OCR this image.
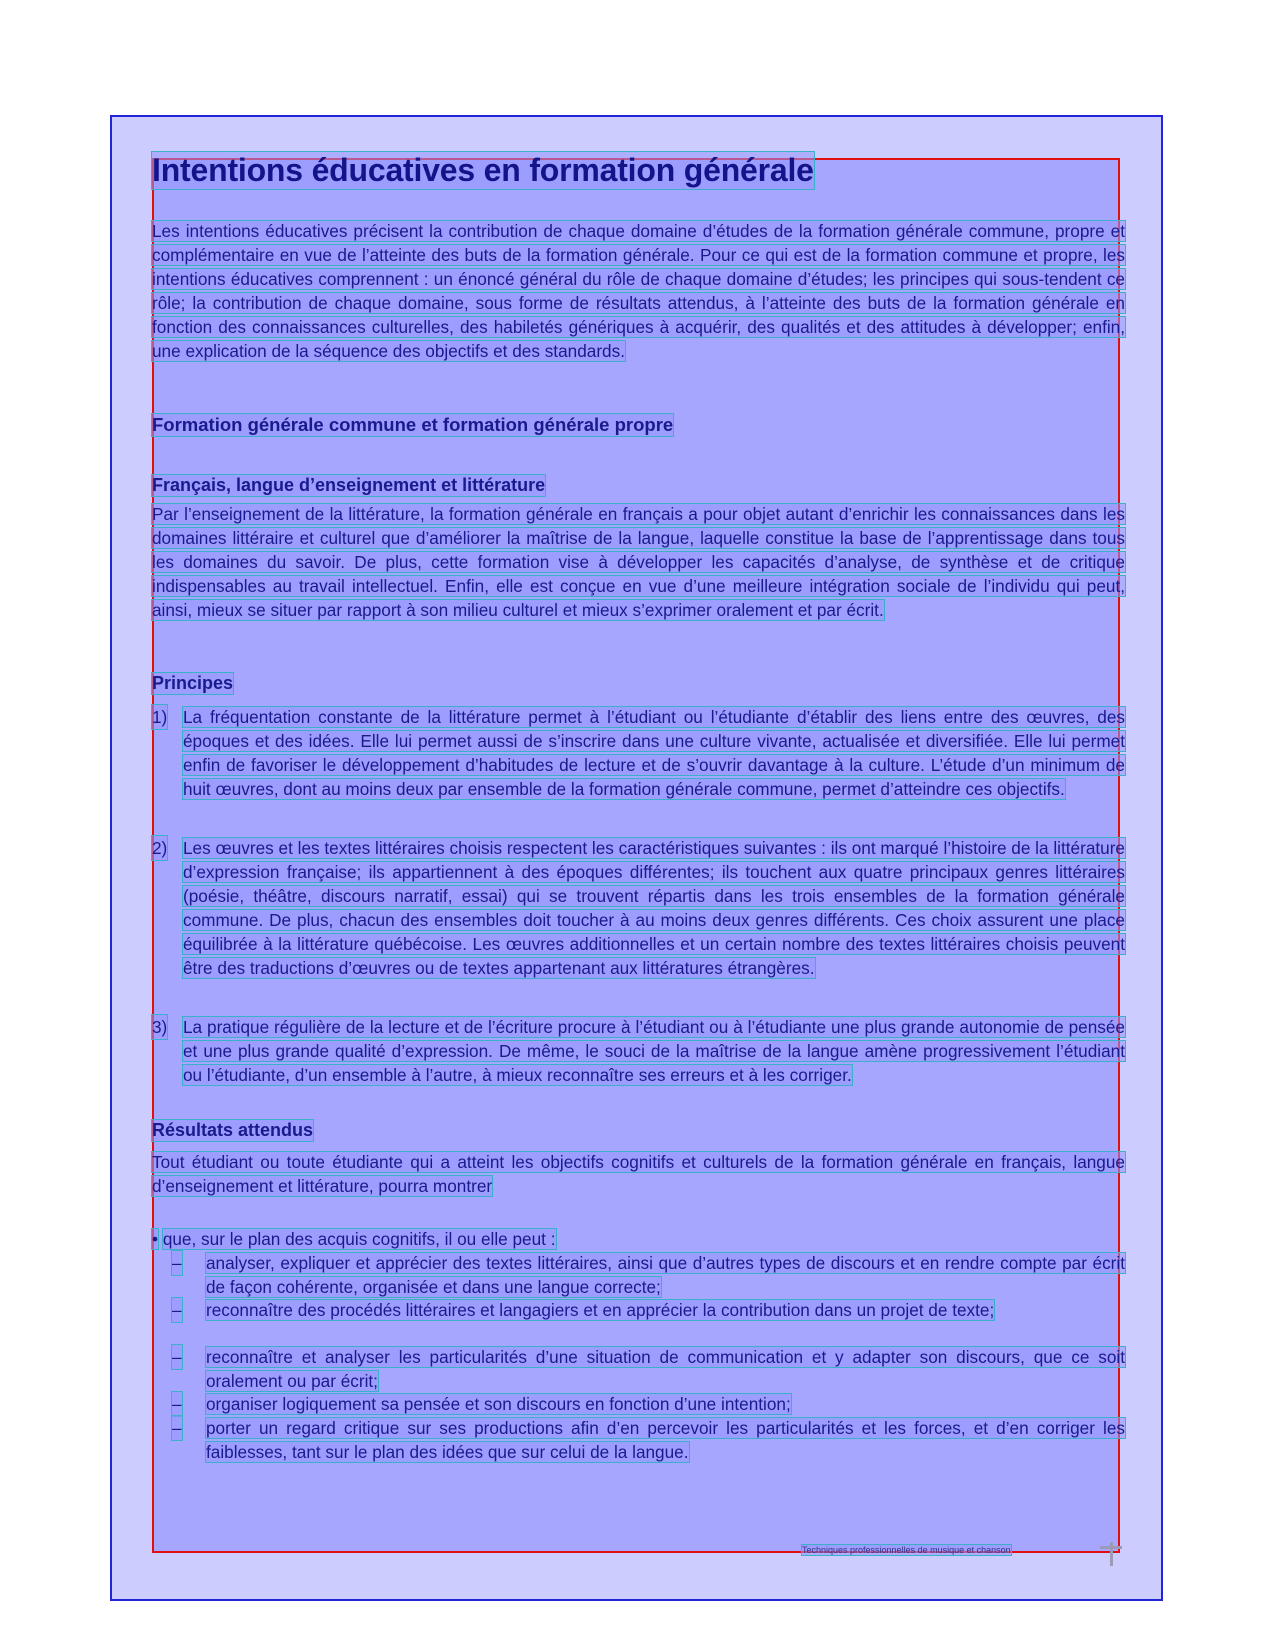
Intentions éducatives en formation générale

Les intentions éducatives précisent la contribution de chaque domaine d’études de la formation générale commune, propre et complémentaire en vue de l’atteinte des buts de la formation générale. Pour ce qui est de la formation commune et propre, les intentions éducatives comprennent : un énoncé général du rôle de chaque domaine d’études; les principes qui sous-tendent ce rôle; la contribution de chaque domaine, sous forme de résultats attendus, à l’atteinte des buts de la formation générale en fonction des connaissances culturelles, des habiletés génériques à acquérir, des qualités et des attitudes à développer; enfin, une explication de la séquence des objectifs et des standards.

Formation générale commune et formation générale propre
Français, langue d’enseignement et littérature

Par l’enseignement de la littérature, la formation générale en français a pour objet autant d’enrichir les connaissances dans les domaines littéraire et culturel que d’améliorer la maîtrise de la langue, laquelle constitue la base de l’apprentissage dans tous les domaines du savoir. De plus, cette formation vise à développer les capacités d’analyse, de synthèse et de critique indispensables au travail intellectuel. Enfin, elle est conçue en vue d’une meilleure intégration sociale de l’individu qui peut, ainsi, mieux se situer par rapport à son milieu culturel et mieux s’exprimer oralement et par écrit.

Principes
1) La fréquentation constante de la littérature permet à l’étudiant ou l’étudiante d’établir des liens entre des œuvres, des époques et des idées. Elle lui permet aussi de s’inscrire dans une culture vivante, actualisée et diversifiée. Elle lui permet enfin de favoriser le développement d’habitudes de lecture et de s’ouvrir davantage à la culture. L’étude d’un minimum de huit œuvres, dont au moins deux par ensemble de la formation générale commune, permet d’atteindre ces objectifs.
2) Les œuvres et les textes littéraires choisis respectent les caractéristiques suivantes : ils ont marqué l’histoire de la littérature d’expression française; ils appartiennent à des époques différentes; ils touchent aux quatre principaux genres littéraires (poésie, théâtre, discours narratif, essai) qui se trouvent répartis dans les trois ensembles de la formation générale commune. De plus, chacun des ensembles doit toucher à au moins deux genres différents. Ces choix assurent une place équilibrée à la littérature québécoise. Les œuvres additionnelles et un certain nombre des textes littéraires choisis peuvent être des traductions d’œuvres ou de textes appartenant aux littératures étrangères.
3) La pratique régulière de la lecture et de l’écriture procure à l’étudiant ou à l’étudiante une plus grande autonomie de pensée et une plus grande qualité d’expression. De même, le souci de la maîtrise de la langue amène progressivement l’étudiant ou l’étudiante, d’un ensemble à l’autre, à mieux reconnaître ses erreurs et à les corriger.
Résultats attendus

Tout étudiant ou toute étudiante qui a atteint les objectifs cognitifs et culturels de la formation générale en français, langue d’enseignement et littérature, pourra montrer

• que, sur le plan des acquis cognitifs, il ou elle peut :
– analyser, expliquer et apprécier des textes littéraires, ainsi que d’autres types de discours et en rendre compte par écrit de façon cohérente, organisée et dans une langue correcte;
– reconnaître des procédés littéraires et langagiers et en apprécier la contribution dans un projet de texte;
– reconnaître et analyser les particularités d’une situation de communication et y adapter son discours, que ce soit oralement ou par écrit;
– organiser logiquement sa pensée et son discours en fonction d’une intention;
– porter un regard critique sur ses productions afin d’en percevoir les particularités et les forces, et d’en corriger les faiblesses, tant sur le plan des idées que sur celui de la langue.
Techniques professionnelles de musique et chanson
